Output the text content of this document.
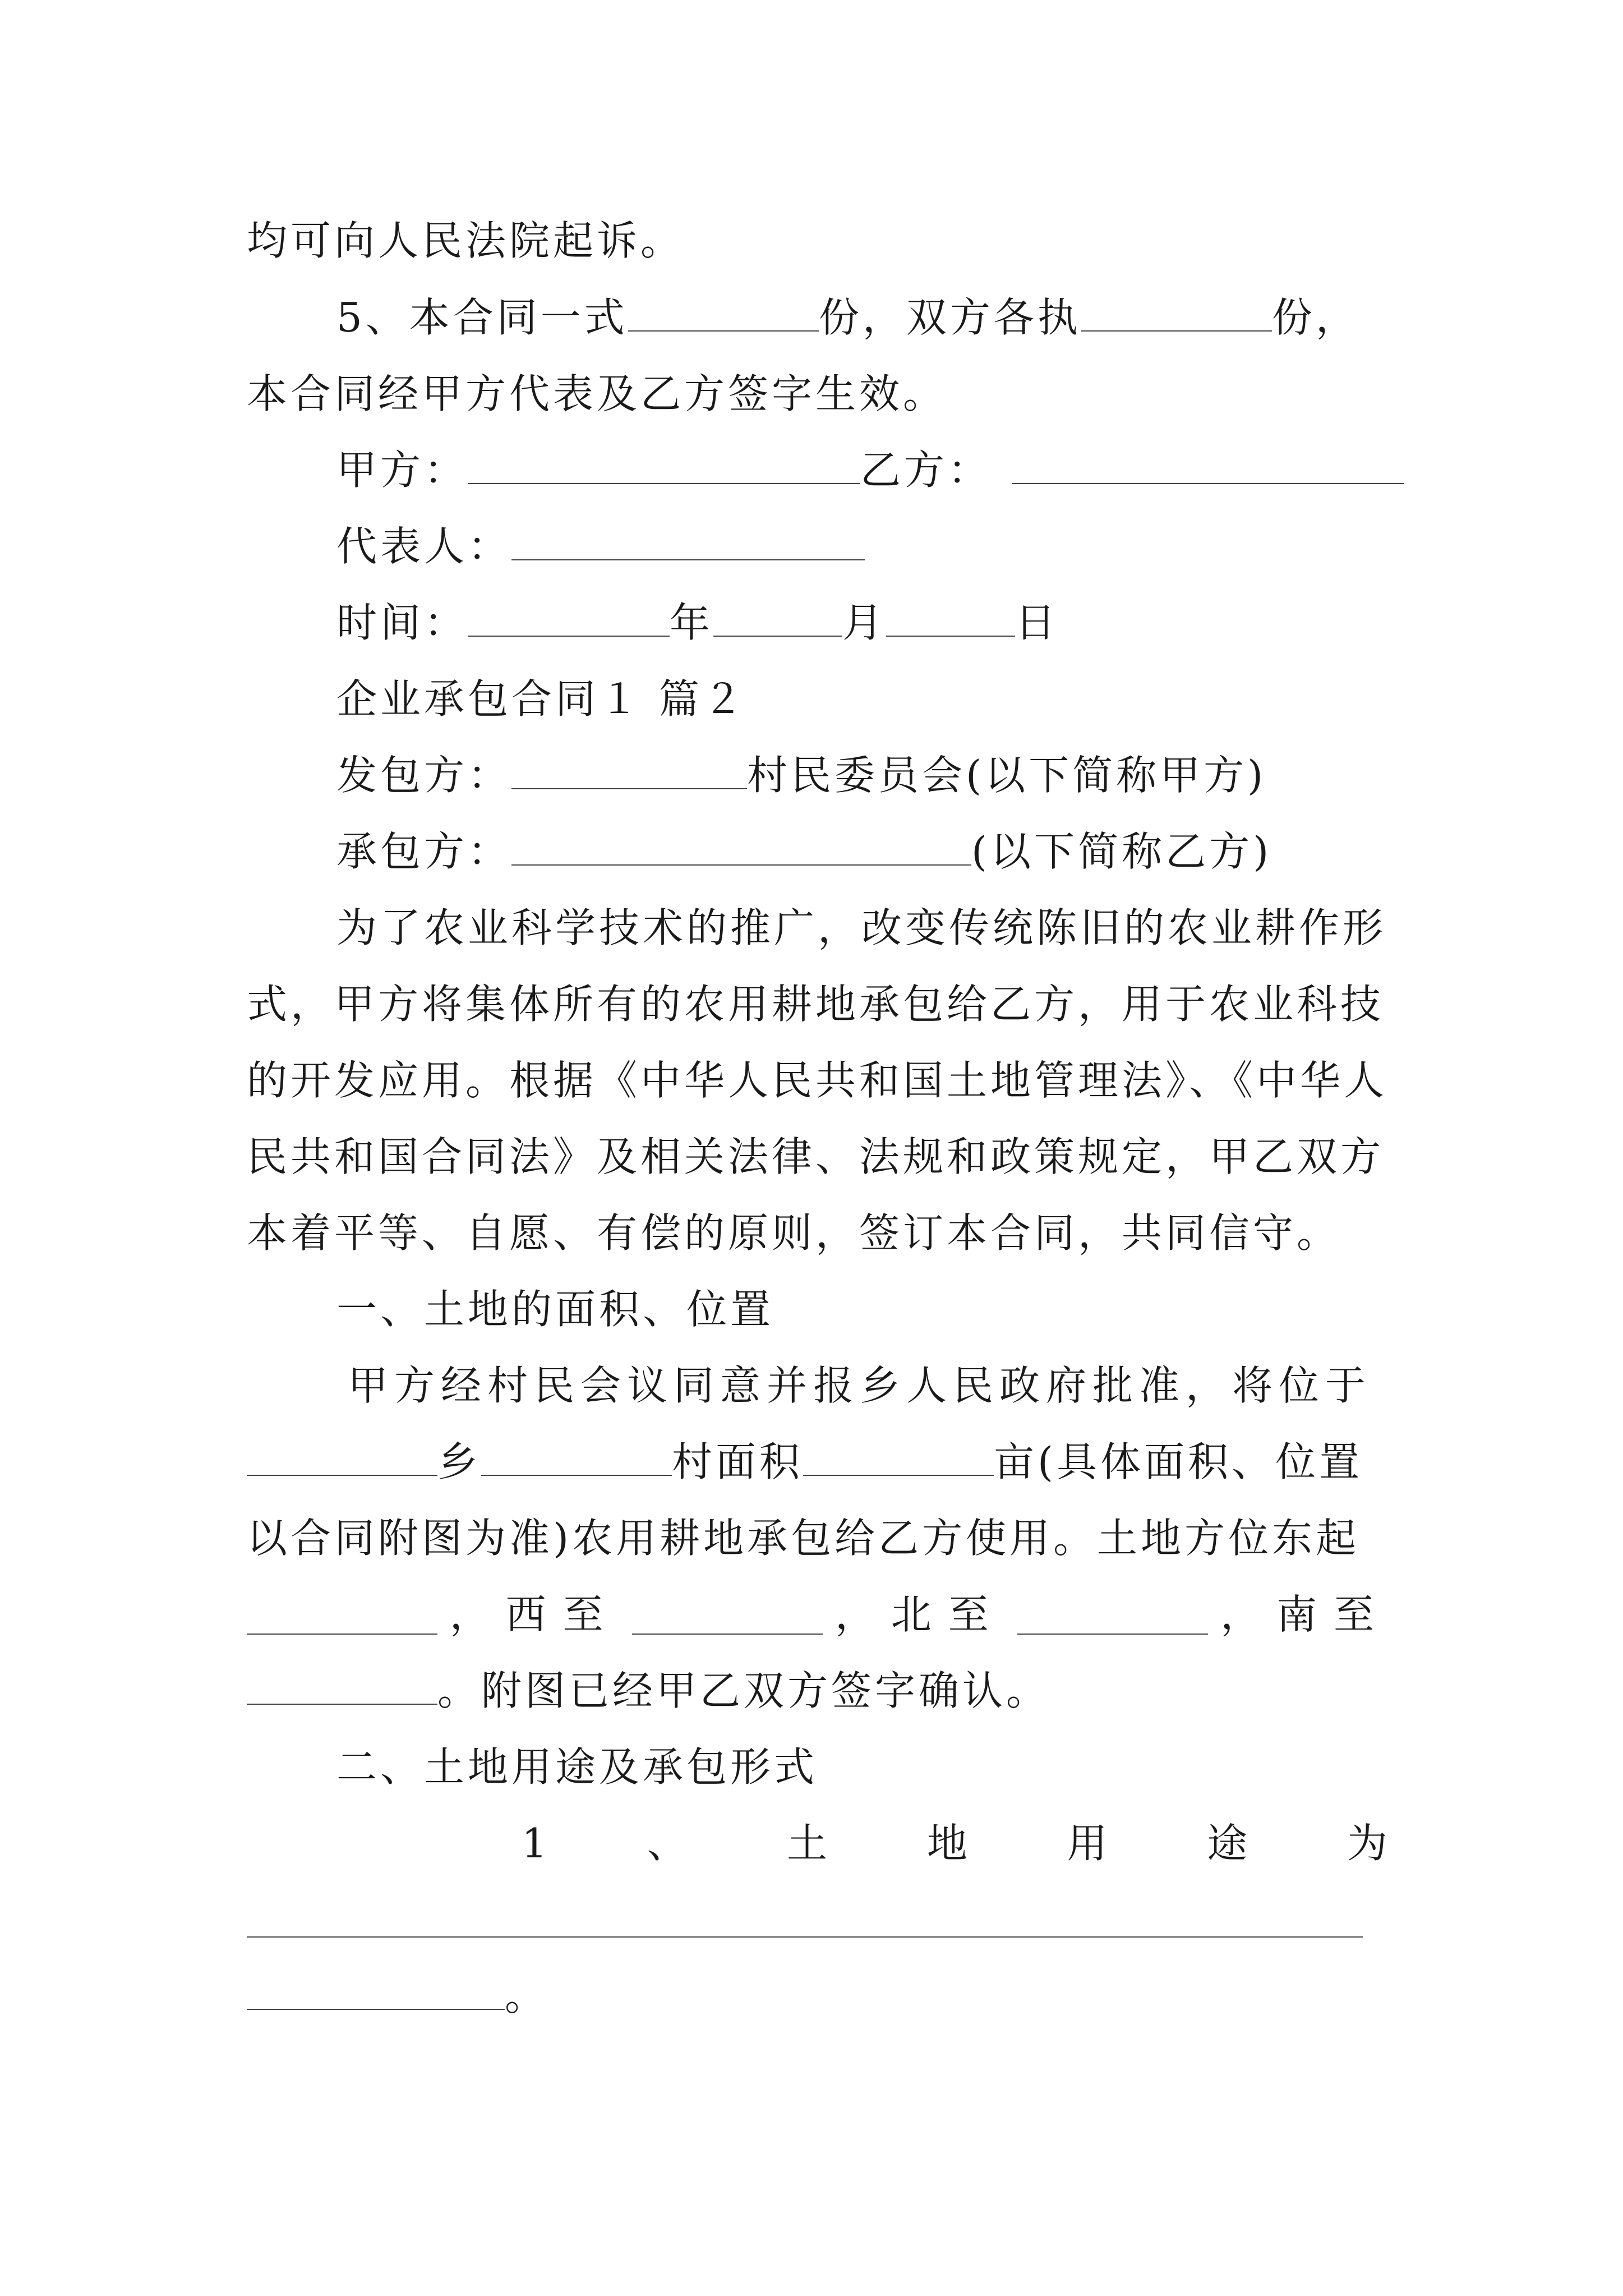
均可向人民法院起诉。
5、本合同一式	份，双方各执	份，
本合同经甲方代表及乙方签字生效。
甲方：	乙方：
代表人：
时间：	年	月	日
企业承包合同１ 篇２
发包方：	村民委员会(以下简称甲方)
承包方：	(以下简称乙方)
为了农业科学技术的推广，改变传统陈旧的农业耕作形
式，甲方将集体所有的农用耕地承包给乙方，用于农业科技
的开发应用。根据《中华人民共和国土地管理法》、《中华人
民共和国合同法》及相关法律、法规和政策规定，甲乙双方
本着平等、自愿、有偿的原则，签订本合同，共同信守。
一、土地的面积、位置
甲方经村民会议同意并报乡人民政府批准，将位于
乡	村面积	亩(具体面积、位置
以合同附图为准)农用耕地承包给乙方使用。土地方位东起
， 西至	， 北至	， 南至
。附图已经甲乙双方签字确认。
二、土地用途及承包形式
1 、 土 地 用 途 为
。
